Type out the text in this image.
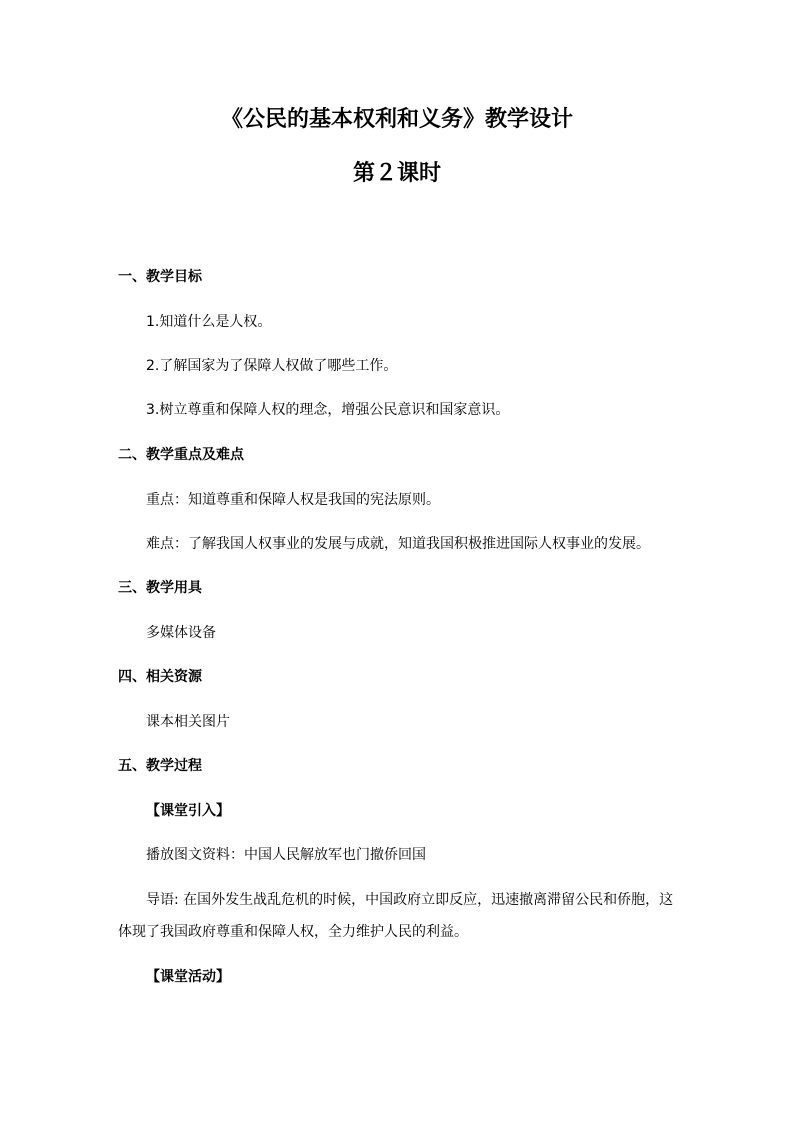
《公民的基本权利和义务》教学设计
第２课时
一、教学目标
1.知道什么是人权。
2.了解国家为了保障人权做了哪些工作。
3.树立尊重和保障人权的理念，增强公民意识和国家意识。
二、教学重点及难点
重点：知道尊重和保障人权是我国的宪法原则。
难点：了解我国人权事业的发展与成就，知道我国积极推进国际人权事业的发展。
三、教学用具
多媒体设备
四、相关资源
课本相关图片
五、教学过程
【课堂引入】
播放图文资料：中国人民解放军也门撤侨回国
导语: 在国外发生战乱危机的时候，中国政府立即反应，迅速撤离滞留公民和侨胞，这
体现了我国政府尊重和保障人权，全力维护人民的利益。
【课堂活动】
